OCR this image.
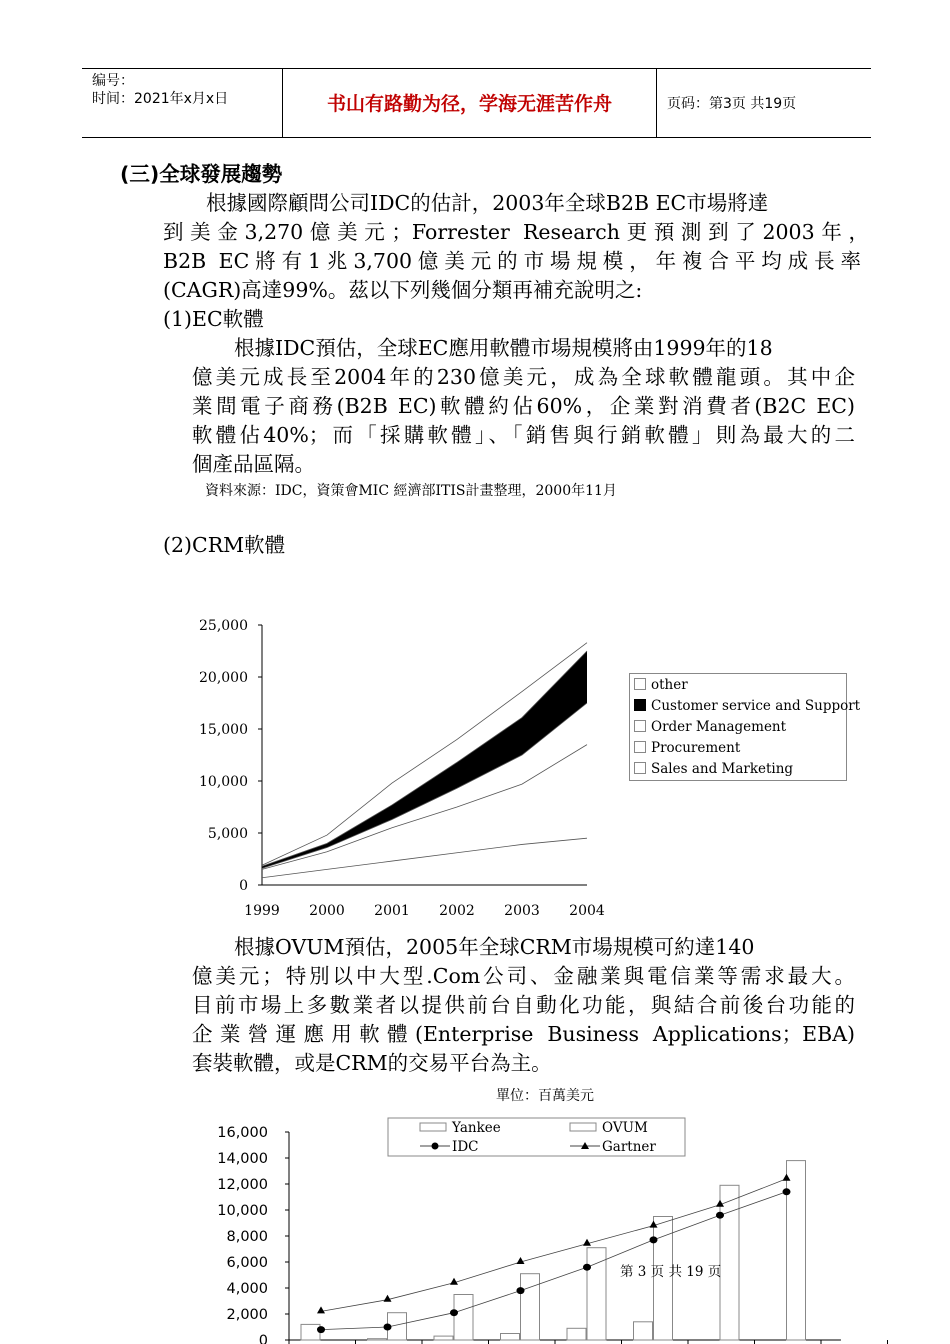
编号：
时间：2021年x月x日	书山有路勤为径，学海无涯苦作舟	页码：第3页 共19页
(三)全球發展趨勢
根據國際顧問公司IDC的估計，2003年全球B2B EC市場將達
到美金3,270億美元；Forrester Research更預測到了2003年，
B2B EC將有1兆3,700億美元的市場規模，年複合平均成長率
(CAGR)高達99%。茲以下列幾個分類再補充說明之:
(1)EC軟體
根據IDC預估，全球EC應用軟體市場規模將由1999年的18
億美元成長至2004年的230億美元，成為全球軟體龍頭。其中企
業間電子商務(B2B EC)軟體約佔60%，企業對消費者(B2C EC)
軟體佔40%；而「採購軟體」、「銷售與行銷軟體」則為最大的二
個產品區隔。
資料來源：IDC，資策會MIC 經濟部ITIS計畫整理，2000年11月
(2)CRM軟體
25,000
20,000
15,000
10,000
5,000
0
1999 2000 2001 2002 2003 2004
other
Customer service and Support
Order Management
Procurement
Sales and Marketing
根據OVUM預估，2005年全球CRM市場規模可約達140
億美元；特別以中大型.Com公司、金融業與電信業等需求最大。
目前市場上多數業者以提供前台自動化功能，與結合前後台功能的
企業營運應用軟體(Enterprise Business Applications；EBA)
套裝軟體，或是CRM的交易平台為主。
單位：百萬美元
16,000
14,000
12,000
10,000
8,000
6,000
4,000
2,000
0
Yankee	OVUM
IDC	Gartner
第 3 页 共 19 页
